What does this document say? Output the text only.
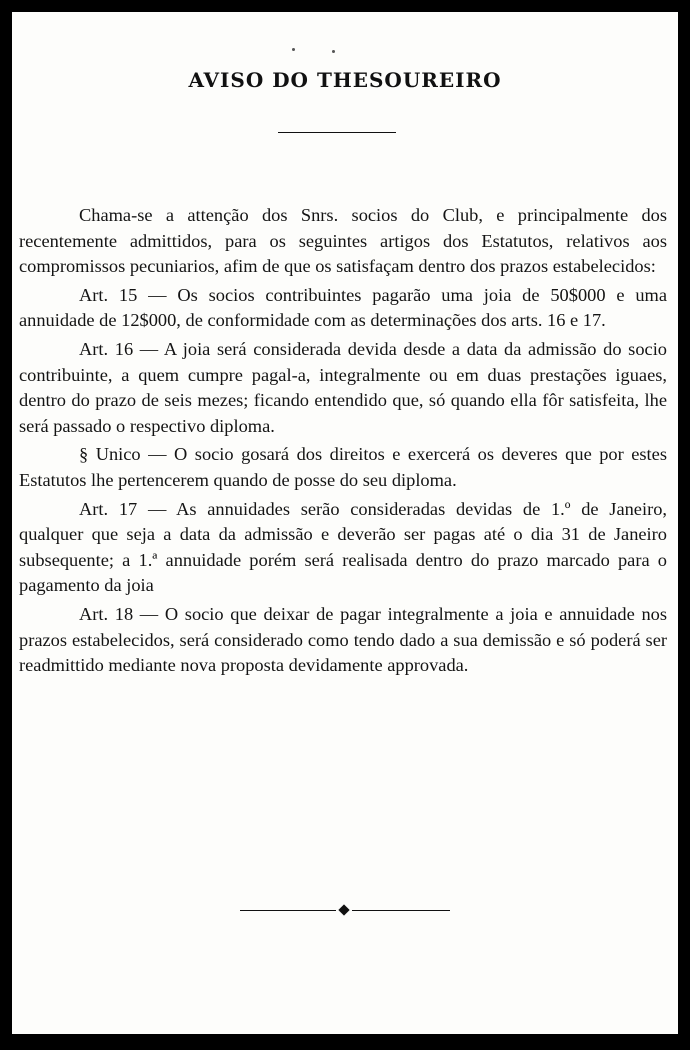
AVISO DO THESOUREIRO

Chama-se a attenção dos Snrs. socios do Club, e principalmente dos recentemente admittidos, para os seguintes artigos dos Estatutos, relativos aos compromissos pecuniarios, afim de que os satisfaçam dentro dos prazos estabelecidos:

Art. 15 — Os socios contribuintes pagarão uma joia de 50$000 e uma annuidade de 12$000, de conformidade com as determinações dos arts. 16 e 17.

Art. 16 — A joia será considerada devida desde a data da admissão do socio contribuinte, a quem cumpre pagal-a, integralmente ou em duas prestações iguaes, dentro do prazo de seis mezes; ficando entendido que, só quando ella fôr satisfeita, lhe será passado o respectivo diploma.

§ Unico — O socio gosará dos direitos e exercerá os deveres que por estes Estatutos lhe pertencerem quando de posse do seu diploma.

Art. 17 — As annuidades serão consideradas devidas de 1.º de Janeiro, qualquer que seja a data da admissão e deverão ser pagas até o dia 31 de Janeiro subsequente; a 1.ª annuidade porém será realisada dentro do prazo marcado para o pagamento da joia

Art. 18 — O socio que deixar de pagar integralmente a joia e annuidade nos prazos estabelecidos, será considerado como tendo dado a sua demissão e só poderá ser readmittido mediante nova proposta devidamente approvada.
